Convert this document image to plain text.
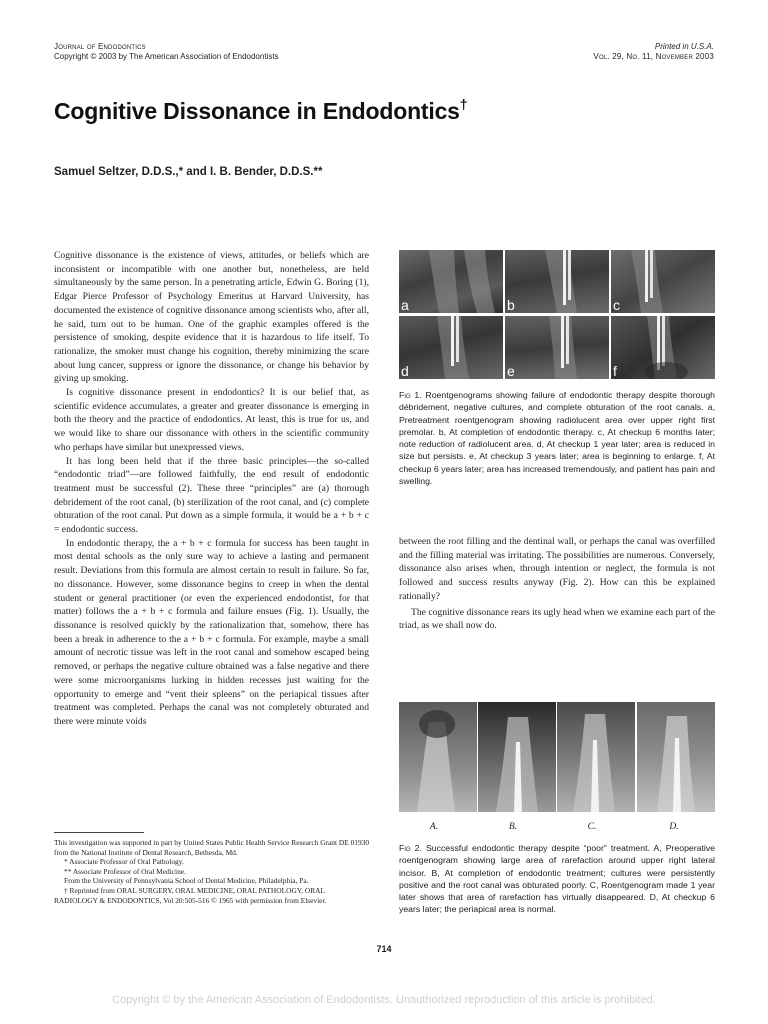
Journal of Endodontics
Copyright © 2003 by The American Association of Endodontists
Printed in U.S.A.
Vol. 29, No. 11, November 2003
Cognitive Dissonance in Endodontics†
Samuel Seltzer, D.D.S.,* and I. B. Bender, D.D.S.**

Cognitive dissonance is the existence of views, attitudes, or beliefs which are inconsistent or incompatible with one another but, nonetheless, are held simultaneously by the same person. In a penetrating article, Edwin G. Boring (1), Edgar Pierce Professor of Psychology Emeritus at Harvard University, has documented the existence of cognitive dissonance among scientists who, after all, he said, turn out to be human. One of the graphic examples offered is the persistence of smoking, despite evidence that it is hazardous to life itself. To rationalize, the smoker must change his cognition, thereby minimizing the scare about lung cancer, suppress or ignore the dissonance, or change his behavior by giving up smoking.

Is cognitive dissonance present in endodontics? It is our belief that, as scientific evidence accumulates, a greater and greater dissonance is emerging in both the theory and the practice of endodontics. At least, this is true for us, and we would like to share our dissonance with others in the scientific community who perhaps have similar but unexpressed views.

It has long been held that if the three basic principles—the so-called “endodontic triad”—are followed faithfully, the end result of endodontic treatment must be successful (2). These three “principles” are (a) thorough debridement of the root canal, (b) sterilization of the root canal, and (c) complete obturation of the root canal. Put down as a simple formula, it would be a + b + c = endodontic success.

In endodontic therapy, the a + b + c formula for success has been taught in most dental schools as the only sure way to achieve a lasting and permanent result. Deviations from this formula are almost certain to result in failure. So far, no dissonance. However, some dissonance begins to creep in when the dental student or general practitioner (or even the experienced endodontist, for that matter) follows the a + b + c formula and failure ensues (Fig. 1). Usually, the dissonance is resolved quickly by the rationalization that, somehow, there has been a break in adherence to the a + b + c formula. For example, maybe a small amount of necrotic tissue was left in the root canal and somehow escaped being removed, or perhaps the negative culture obtained was a false negative and there were some microorganisms lurking in hidden recesses just waiting for the opportunity to emerge and “vent their spleens” on the periapical tissues after treatment was completed. Perhaps the canal was not completely obturated and there were minute voids

a	b	c
d	e	f
Fig 1. Roentgenograms showing failure of endodontic therapy despite thorough débridement, negative cultures, and complete obturation of the root canals. a, Pretreatment roentgenogram showing radiolucent area over upper right first premolar. b, At completion of endodontic therapy. c, At checkup 6 months later; note reduction of radiolucent area. d, At checkup 1 year later; area is reduced in size but persists. e, At checkup 3 years later; area is beginning to enlarge. f, At checkup 6 years later; area has increased tremendously, and patient has pain and swelling.

between the root filling and the dentinal wall, or perhaps the canal was overfilled and the filling material was irritating. The possibilities are numerous. Conversely, dissonance also arises when, through intention or neglect, the formula is not followed and success results anyway (Fig. 2). How can this be explained rationally?

The cognitive dissonance rears its ugly head when we examine each part of the triad, as we shall now do.

A.	B.	C.	D.
Fig 2. Successful endodontic therapy despite “poor” treatment. A, Preoperative roentgenogram showing large area of rarefaction around upper right lateral incisor. B, At completion of endodontic treatment; cultures were persistently positive and the root canal was obturated poorly. C, Roentgenogram made 1 year later shows that area of rarefaction has virtually disappeared. D, At checkup 6 years later; the periapical area is normal.

This investigation was supported in part by United States Public Health Service Research Grant DE 01930 from the National Institute of Dental Research, Bethesda, Md.

* Associate Professor of Oral Pathology.

** Associate Professor of Oral Medicine.

From the University of Pennsylvania School of Dental Medicine, Philadelphia, Pa.

† Reprinted from ORAL SURGERY, ORAL MEDICINE, ORAL PATHOLOGY, ORAL RADIOLOGY & ENDODONTICS, Vol 20:505-516 © 1965 with permission from Elsevier.

714
Copyright © by the American Association of Endodontists. Unauthorized reproduction of this article is prohibited.
